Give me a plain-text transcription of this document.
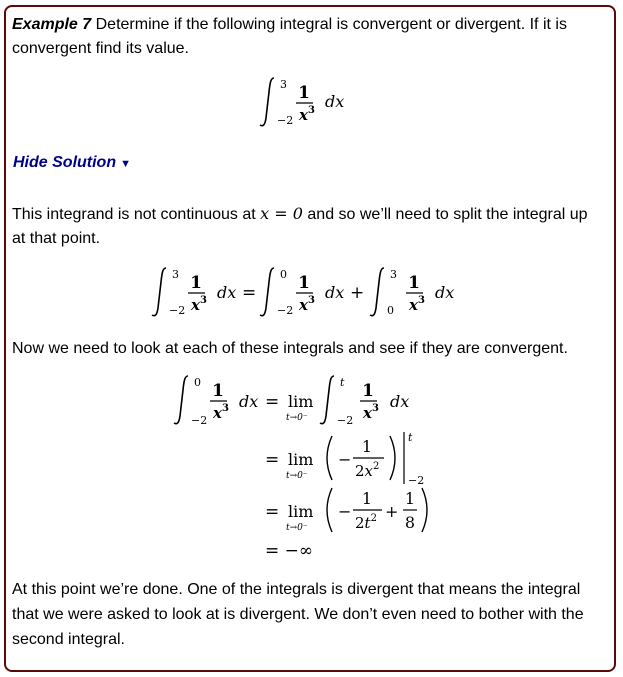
Example 7 Determine if the following integral is convergent or divergent. If it is convergent find its value.

3
−2
1
$x^3$ dx
Hide Solution ▼

This integrand is not continuous at x = 0 and so we’ll need to split the integral up at that point.

3
−2
1
$x^3$ dx =
0
−2
1
$x^3$ dx +
3
0
1
$x^3$ dx

Now we need to look at each of these integrals and see if they are convergent.

0
−2
1
$x^3$ dx = lim
t→0⁻
t
−2
1
$x^3$ dx
= lim
t→0⁻
−
1
$2x^2$
t
−2
= lim
t→0⁻
−
1
$2t^2$ +
1
8
= −∞

At this point we’re done. One of the integrals is divergent that means the integral that we were asked to look at is divergent. We don’t even need to bother with the second integral.
